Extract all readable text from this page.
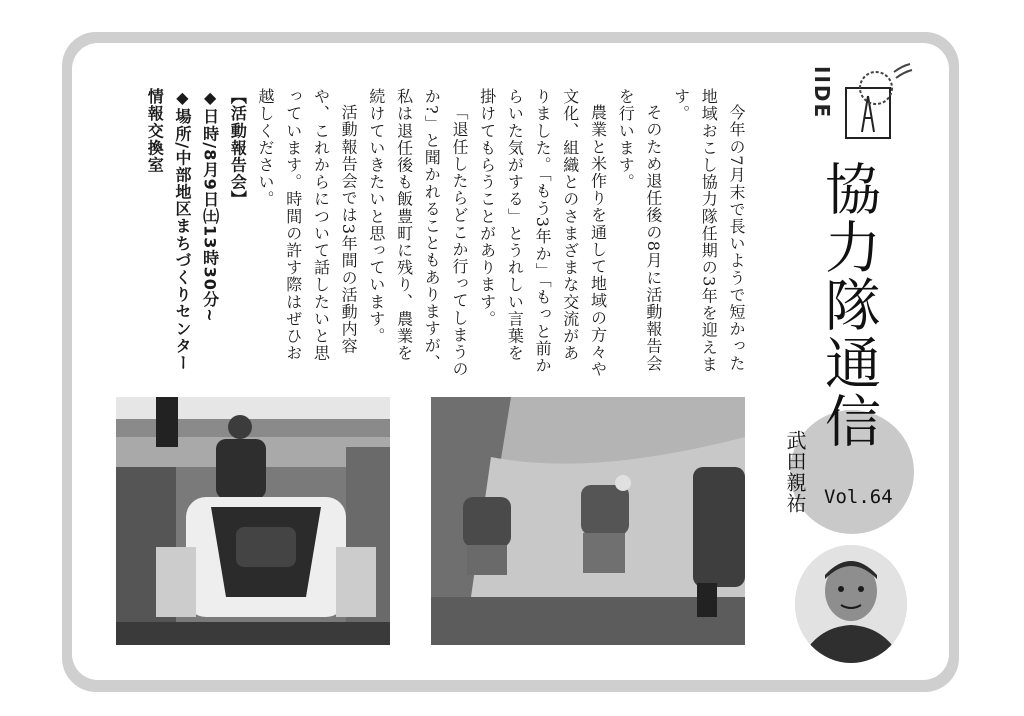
今年の7月末で長いようで短かった地域おこし協力隊任期の3年を迎えます。

そのため退任後の8月に活動報告会を行います。

農業と米作りを通して地域の方々や文化、組織とのさまざまな交流がありました。「もう3年か」「もっと前からいた気がする」とうれしい言葉を掛けてもらうことがあります。

「退任したらどこか行ってしまうのか?」と聞かれることもありますが、私は退任後も飯豊町に残り、農業を続けていきたいと思っています。

活動報告会では3年間の活動内容や、これからについて話したいと思っています。時間の許す際はぜひお越しください。

【活動報告会】

◆日時/8月9日㈯13時30分~

◆場所/中部地区まちづくりセンター情報交換室	IIDE
協力隊通信
武田親祐 Vol.64
